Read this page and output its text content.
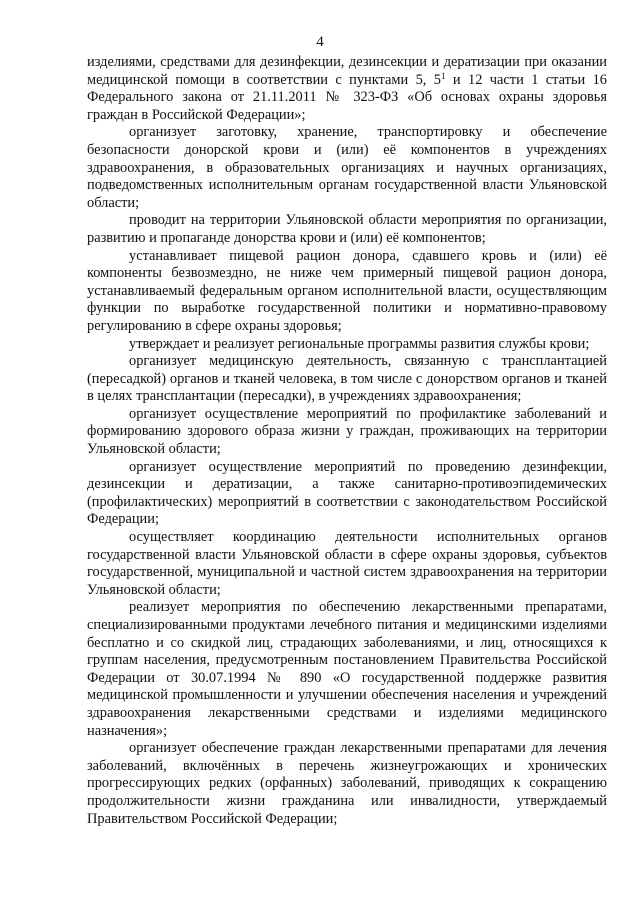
4

изделиями, средствами для дезинфекции, дезинсекции и дератизации при оказании медицинской помощи в соответствии с пунктами 5, $5^1$ и 12 части 1 статьи 16 Федерального закона от 21.11.2011 № 323-ФЗ «Об основах охраны здоровья граждан в Российской Федерации»;

организует заготовку, хранение, транспортировку и обеспечение безопасности донорской крови и (или) её компонентов в учреждениях здравоохранения, в образовательных организациях и научных организациях, подведомственных исполнительным органам государственной власти Ульяновской области;

проводит на территории Ульяновской области мероприятия по организации, развитию и пропаганде донорства крови и (или) её компонентов;

устанавливает пищевой рацион донора, сдавшего кровь и (или) её компоненты безвозмездно, не ниже чем примерный пищевой рацион донора, устанавливаемый федеральным органом исполнительной власти, осуществляющим функции по выработке государственной политики и нормативно-правовому регулированию в сфере охраны здоровья;

утверждает и реализует региональные программы развития службы крови;

организует медицинскую деятельность, связанную с трансплантацией (пересадкой) органов и тканей человека, в том числе с донорством органов и тканей в целях трансплантации (пересадки), в учреждениях здравоохранения;

организует осуществление мероприятий по профилактике заболеваний и формированию здорового образа жизни у граждан, проживающих на территории Ульяновской области;

организует осуществление мероприятий по проведению дезинфекции, дезинсекции и дератизации, а также санитарно-противоэпидемических (профилактических) мероприятий в соответствии с законодательством Российской Федерации;

осуществляет координацию деятельности исполнительных органов государственной власти Ульяновской области в сфере охраны здоровья, субъектов государственной, муниципальной и частной систем здравоохранения на территории Ульяновской области;

реализует мероприятия по обеспечению лекарственными препаратами, специализированными продуктами лечебного питания и медицинскими изделиями бесплатно и со скидкой лиц, страдающих заболеваниями, и лиц, относящихся к группам населения, предусмотренным постановлением Правительства Российской Федерации от 30.07.1994 № 890 «О государственной поддержке развития медицинской промышленности и улучшении обеспечения населения и учреждений здравоохранения лекарственными средствами и изделиями медицинского назначения»;

организует обеспечение граждан лекарственными препаратами для лечения заболеваний, включённых в перечень жизнеугрожающих и хронических прогрессирующих редких (орфанных) заболеваний, приводящих к сокращению продолжительности жизни гражданина или инвалидности, утверждаемый Правительством Российской Федерации;
